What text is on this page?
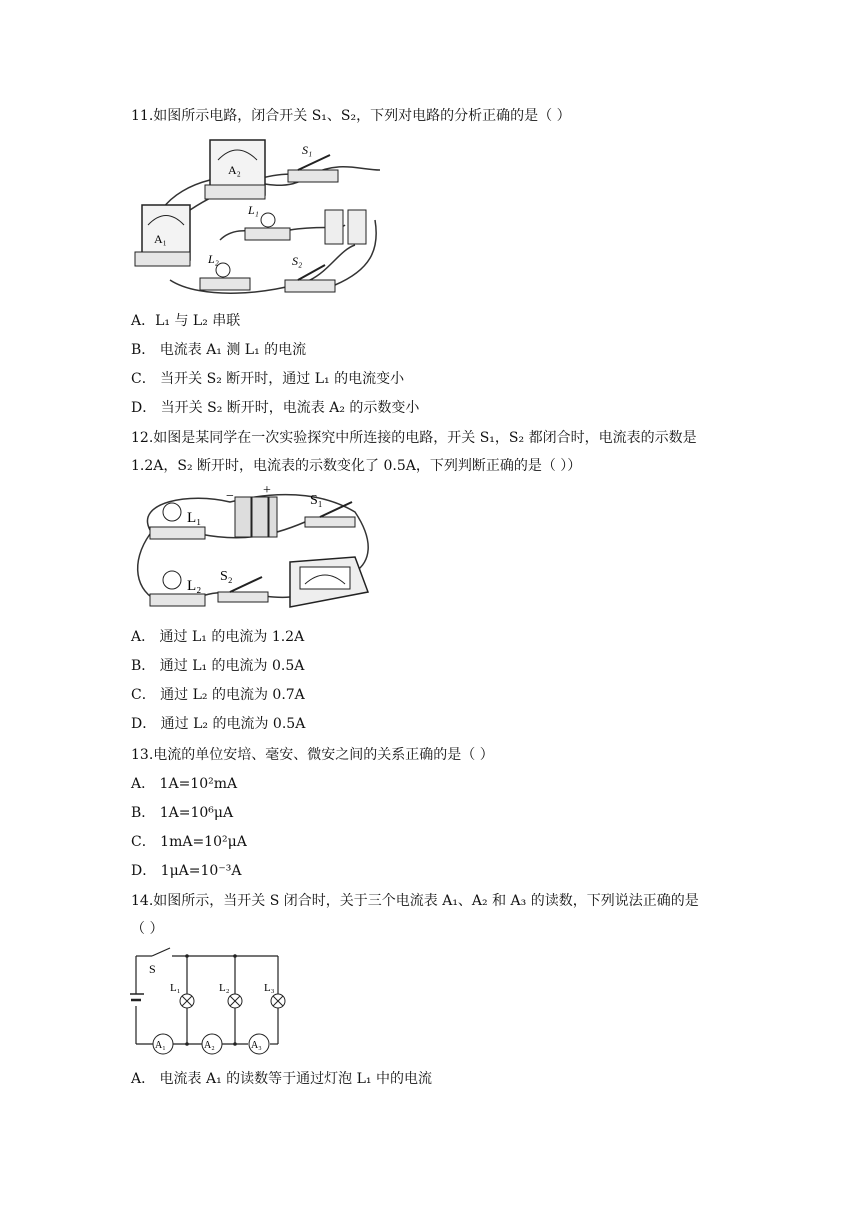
11.如图所示电路，闭合开关 S₁、S₂，下列对电路的分析正确的是（ ）
A₂
A₁
S₁
L₁
L₂	S₂
A．L₁ 与 L₂ 串联
B． 电流表 A₁ 测 L₁ 的电流
C． 当开关 S₂ 断开时，通过 L₁ 的电流变小
D． 当开关 S₂ 断开时，电流表 A₂ 的示数变小
12.如图是某同学在一次实验探究中所连接的电路，开关 S₁，S₂ 都闭合时，电流表的示数是
1.2A，S₂ 断开时，电流表的示数变化了 0.5A，下列判断正确的是（ ））
L₁
− +
S₁
L₂
S₂
A． 通过 L₁ 的电流为 1.2A
B． 通过 L₁ 的电流为 0.5A
C． 通过 L₂ 的电流为 0.7A
D． 通过 L₂ 的电流为 0.5A
13.电流的单位安培、毫安、微安之间的关系正确的是（ ）
A． 1A=10²mA
B． 1A=10⁶μA
C． 1mA=10²μA
D． 1μA=10⁻³A
14.如图所示，当开关 S 闭合时，关于三个电流表 A₁、A₂ 和 A₃ 的读数，下列说法正确的是
（ ）
S
L₁	L₂	L₃
A₁	A₂	A₃
A． 电流表 A₁ 的读数等于通过灯泡 L₁ 中的电流
